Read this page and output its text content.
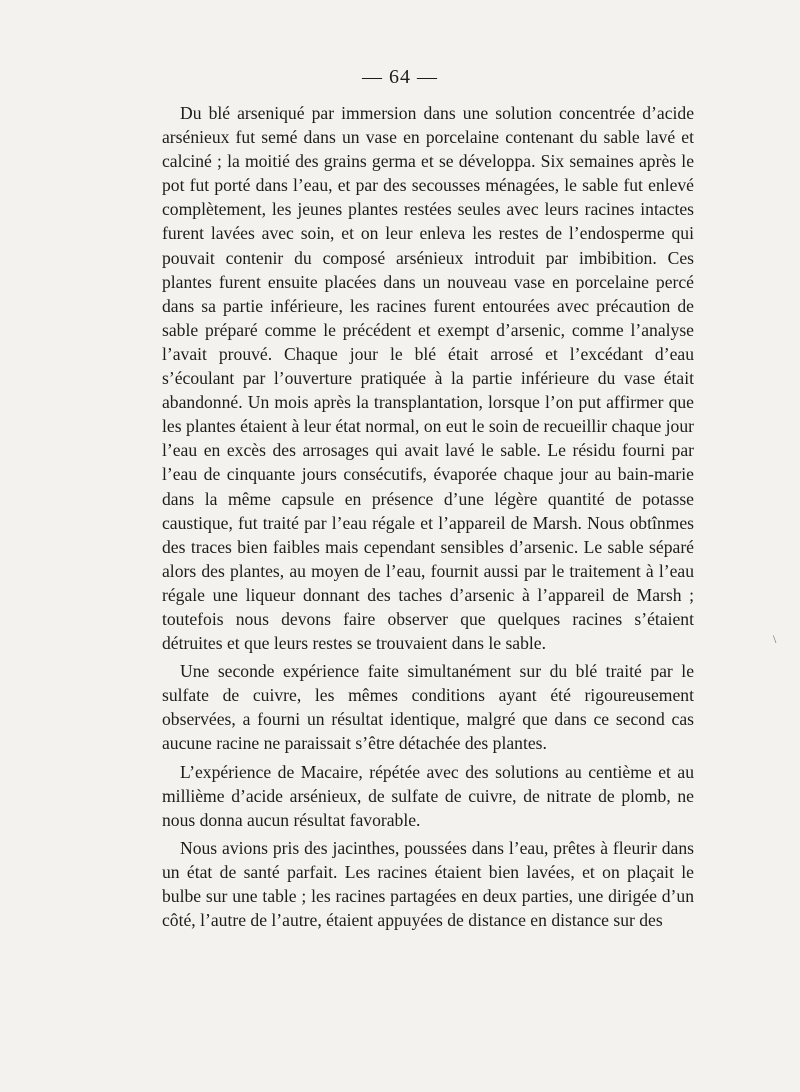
— 64 —

Du blé arseniqué par immersion dans une solution concentrée d’acide arsénieux fut semé dans un vase en porcelaine contenant du sable lavé et calciné ; la moitié des grains germa et se développa. Six semaines après le pot fut porté dans l’eau, et par des secousses ménagées, le sable fut enlevé complètement, les jeunes plantes restées seules avec leurs racines intactes furent lavées avec soin, et on leur enleva les restes de l’endosperme qui pouvait contenir du composé arsénieux introduit par imbibition. Ces plantes furent ensuite placées dans un nouveau vase en porcelaine percé dans sa partie inférieure, les racines furent entourées avec précaution de sable préparé comme le précédent et exempt d’arsenic, comme l’analyse l’avait prouvé. Chaque jour le blé était arrosé et l’excédant d’eau s’écoulant par l’ouverture pratiquée à la partie inférieure du vase était abandonné. Un mois après la transplantation, lorsque l’on put affirmer que les plantes étaient à leur état normal, on eut le soin de recueillir chaque jour l’eau en excès des arrosages qui avait lavé le sable. Le résidu fourni par l’eau de cinquante jours consécutifs, évaporée chaque jour au bain-marie dans la même capsule en présence d’une légère quantité de potasse caustique, fut traité par l’eau régale et l’appareil de Marsh. Nous obtînmes des traces bien faibles mais cependant sensibles d’arsenic. Le sable séparé alors des plantes, au moyen de l’eau, fournit aussi par le traitement à l’eau régale une liqueur donnant des taches d’arsenic à l’appareil de Marsh ; toutefois nous devons faire observer que quelques racines s’étaient détruites et que leurs restes se trouvaient dans le sable.

Une seconde expérience faite simultanément sur du blé traité par le sulfate de cuivre, les mêmes conditions ayant été rigoureusement observées, a fourni un résultat identique, malgré que dans ce second cas aucune racine ne paraissait s’être détachée des plantes.

L’expérience de Macaire, répétée avec des solutions au centième et au millième d’acide arsénieux, de sulfate de cuivre, de nitrate de plomb, ne nous donna aucun résultat favorable.

Nous avions pris des jacinthes, poussées dans l’eau, prêtes à fleurir dans un état de santé parfait. Les racines étaient bien lavées, et on plaçait le bulbe sur une table ; les racines partagées en deux parties, une dirigée d’un côté, l’autre de l’autre, étaient appuyées de distance en distance sur des

\
